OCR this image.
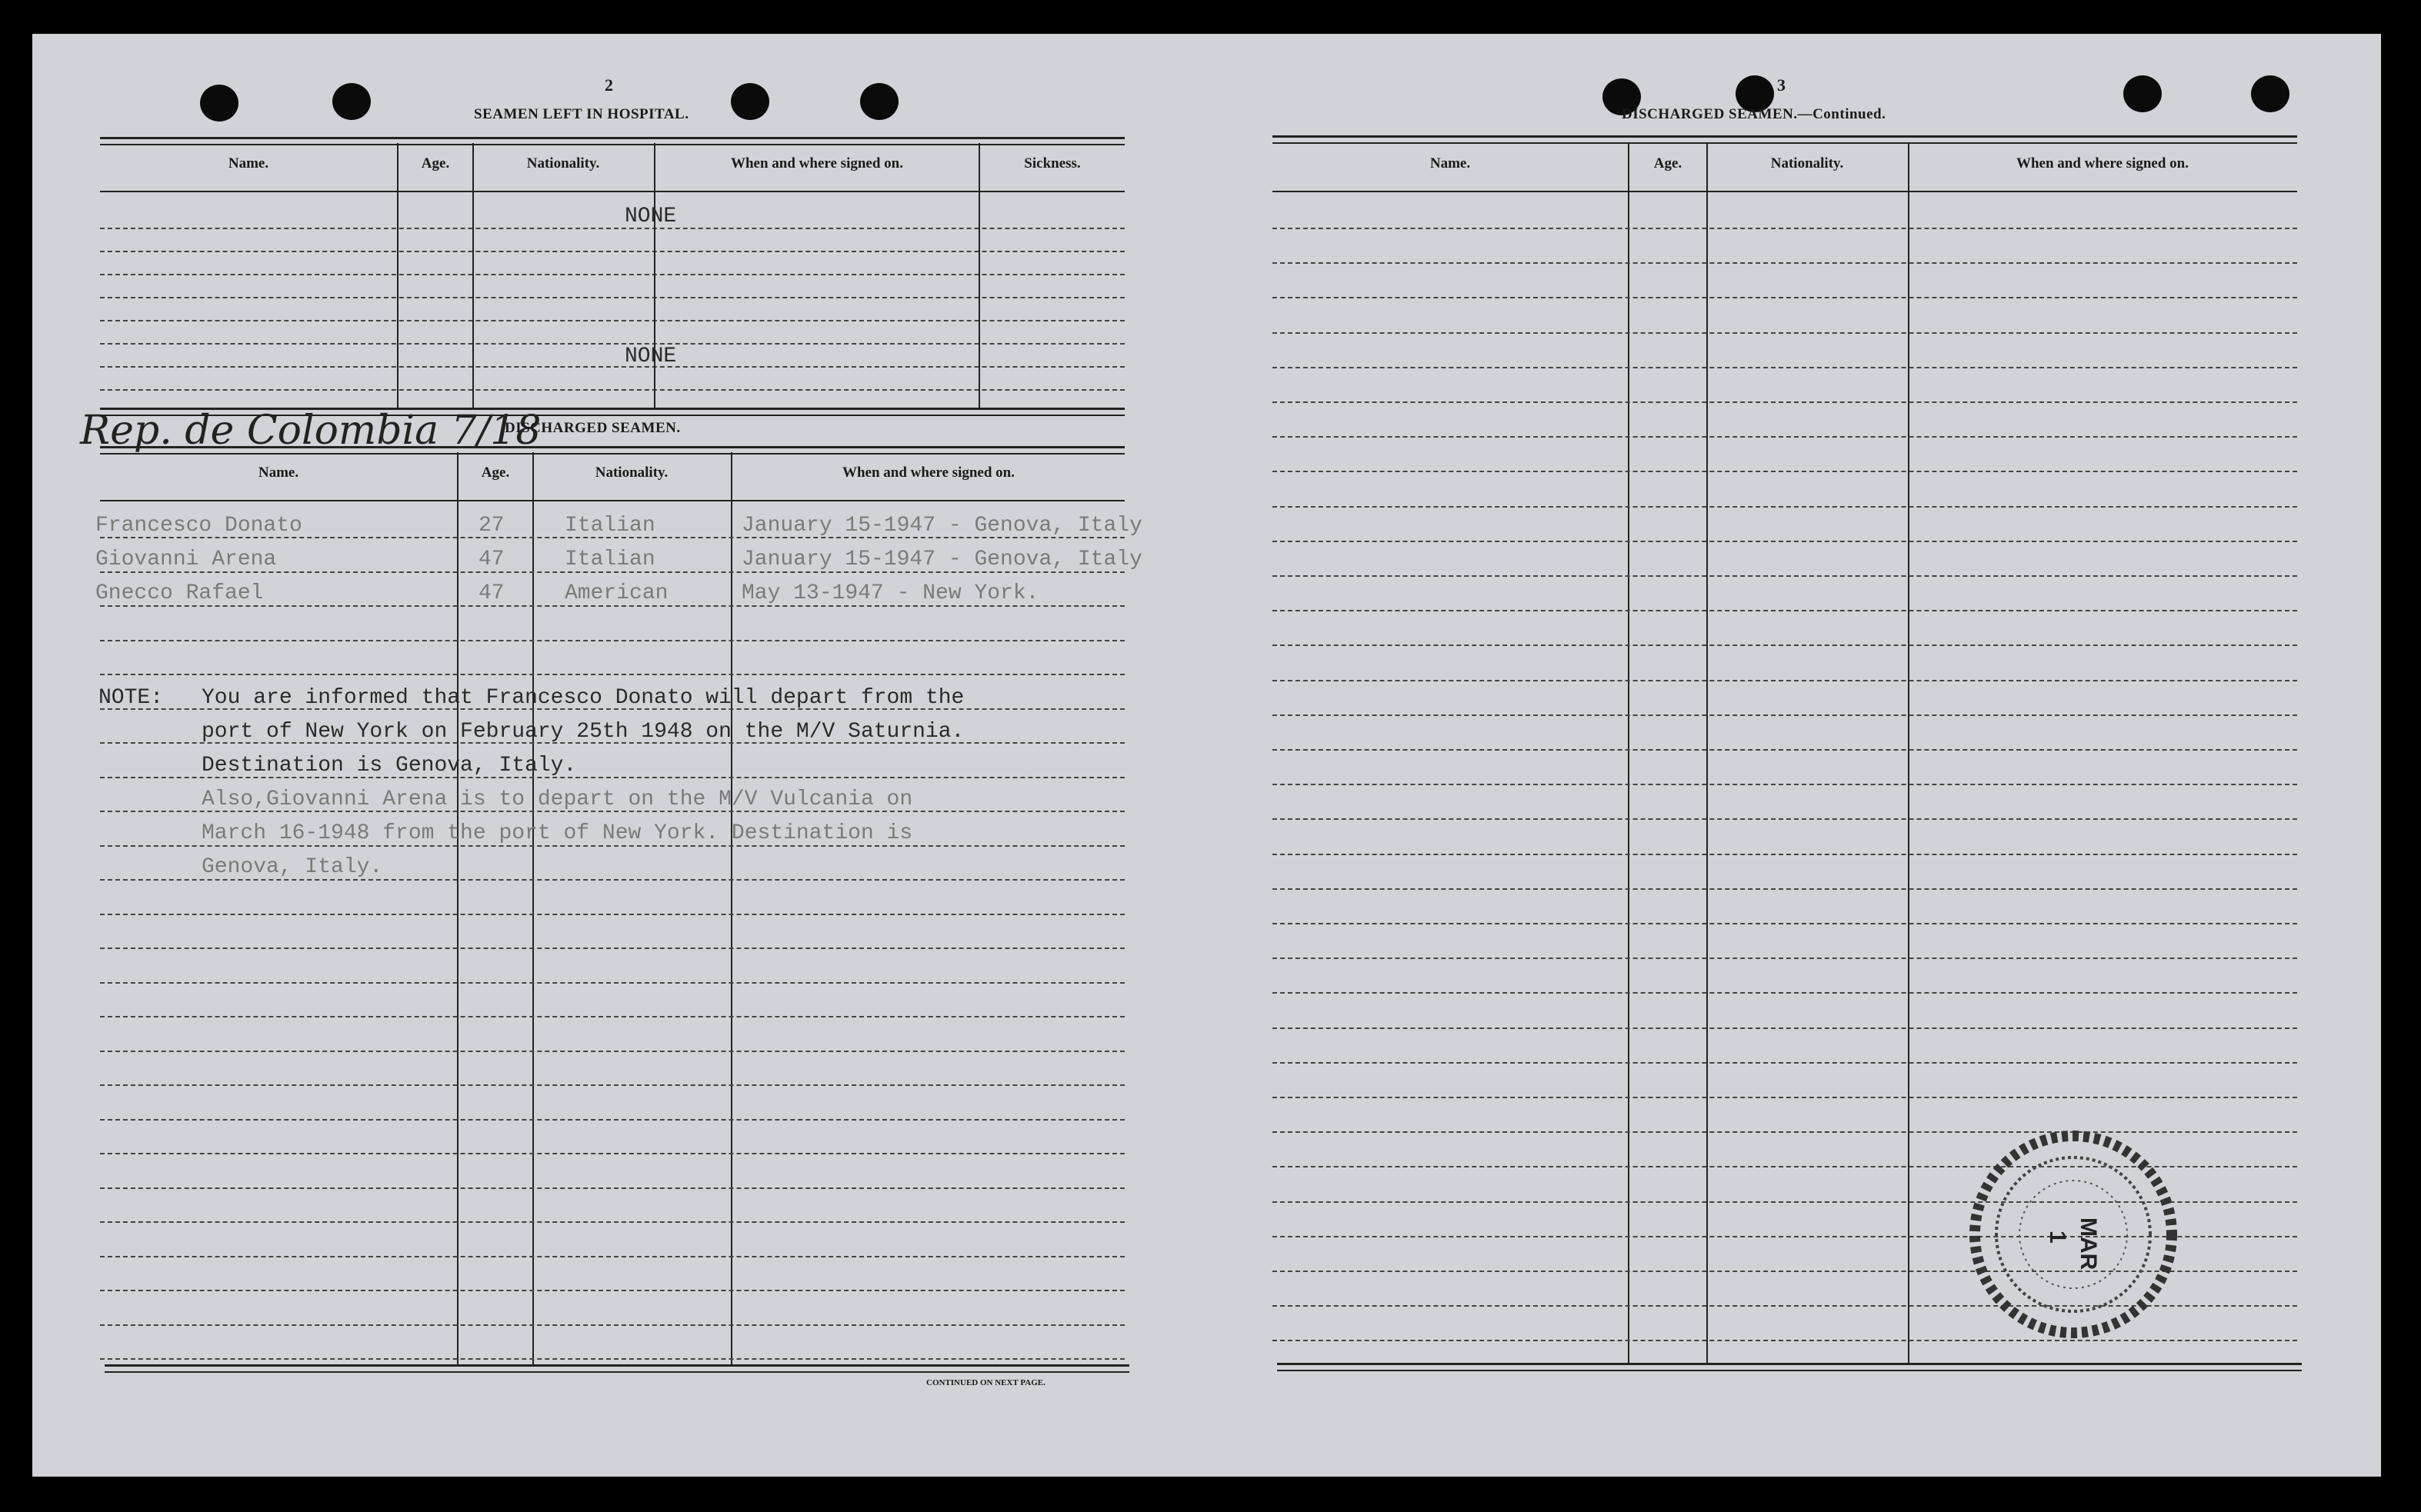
2
SEAMEN LEFT IN HOSPITAL.
Name.	Age.	Nationality.	When and where signed on.	Sickness.
NONE
NONE
Rep. de Colombia 7/18
DISCHARGED SEAMEN.
Name.	Age.	Nationality.	When and where signed on.
Francesco Donato	27	Italian	January 15-1947 - Genova, Italy
Giovanni Arena	47	Italian	January 15-1947 - Genova, Italy
Gnecco Rafael	47	American	May 13-1947 - New York.
NOTE: You are informed that Francesco Donato will depart from the
port of New York on February 25th 1948 on the M/V Saturnia.
Destination is Genova, Italy.
Also,Giovanni Arena is to depart on the M/V Vulcania on
March 16-1948 from the port of New York. Destination is
Genova, Italy.
CONTINUED ON NEXT PAGE.
3
DISCHARGED SEAMEN.—Continued.
Name.	Age.	Nationality.	When and where signed on.
MAR
1
